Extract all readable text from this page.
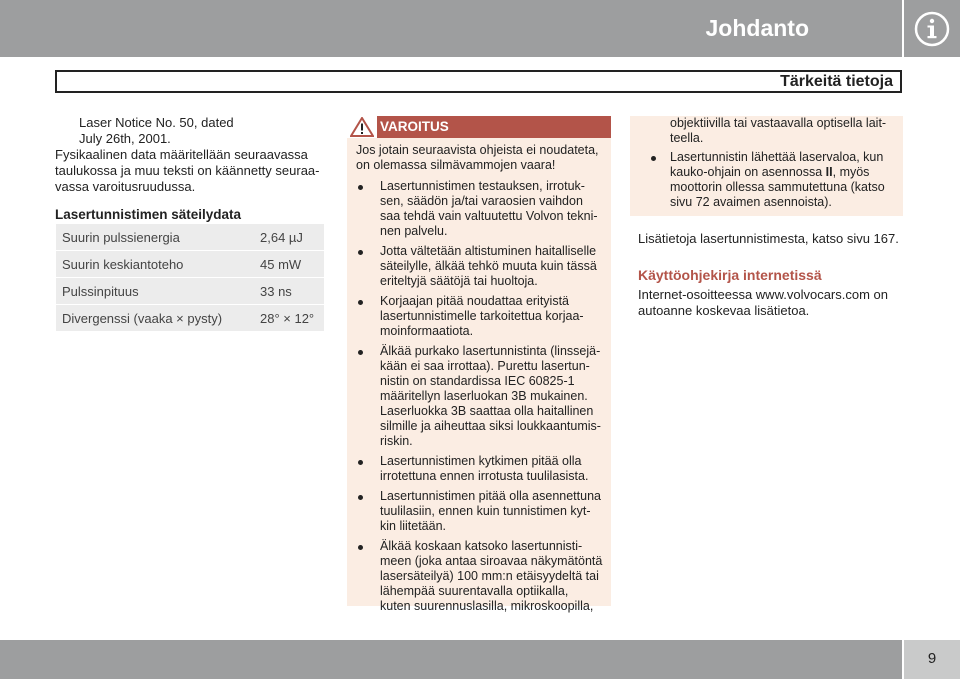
Johdanto
Tärkeitä tietoja
Laser Notice No. 50, dated
July 26th, 2001.
Fysikaalinen data määritellään seuraavassa
taulukossa ja muu teksti on käännetty seuraa-
vassa varoitusruudussa.
Lasertunnistimen säteilydata
Suurin pulssienergia	2,64 µJ
Suurin keskiantoteho	45 mW
Pulssinpituus	33 ns
Divergenssi (vaaka × pysty)	28° × 12°
VAROITUS
Jos jotain seuraavista ohjeista ei noudateta,
on olemassa silmävammojen vaara!
Lasertunnistimen testauksen, irrotuk-
sen, säädön ja/tai varaosien vaihdon
saa tehdä vain valtuutettu Volvon tekni-
nen palvelu.
Jotta vältetään altistuminen haitalliselle
säteilylle, älkää tehkö muuta kuin tässä
eriteltyjä säätöjä tai huoltoja.
Korjaajan pitää noudattaa erityistä
lasertunnistimelle tarkoitettua korjaa-
moinformaatiota.
Älkää purkako lasertunnistinta (linssejä-
kään ei saa irrottaa). Purettu lasertun-
nistin on standardissa IEC 60825-1
määritellyn laserluokan 3B mukainen.
Laserluokka 3B saattaa olla haitallinen
silmille ja aiheuttaa siksi loukkaantumis-
riskin.
Lasertunnistimen kytkimen pitää olla
irrotettuna ennen irrotusta tuulilasista.
Lasertunnistimen pitää olla asennettuna
tuulilasiin, ennen kuin tunnistimen kyt-
kin liitetään.
Älkää koskaan katsoko lasertunnisti-
meen (joka antaa siroavaa näkymätöntä
lasersäteilyä) 100 mm:n etäisyydeltä tai
lähempää suurentavalla optiikalla,
kuten suurennuslasilla, mikroskoopilla,
objektiivilla tai vastaavalla optisella lait-
teella.
Lasertunnistin lähettää laservaloa, kun
kauko-ohjain on asennossa II, myös
moottorin ollessa sammutettuna (katso
sivu 72 avaimen asennoista).
Lisätietoja lasertunnistimesta, katso sivu 167.
Käyttöohjekirja internetissä
Internet-osoitteessa www.volvocars.com on
autoanne koskevaa lisätietoa.
9
